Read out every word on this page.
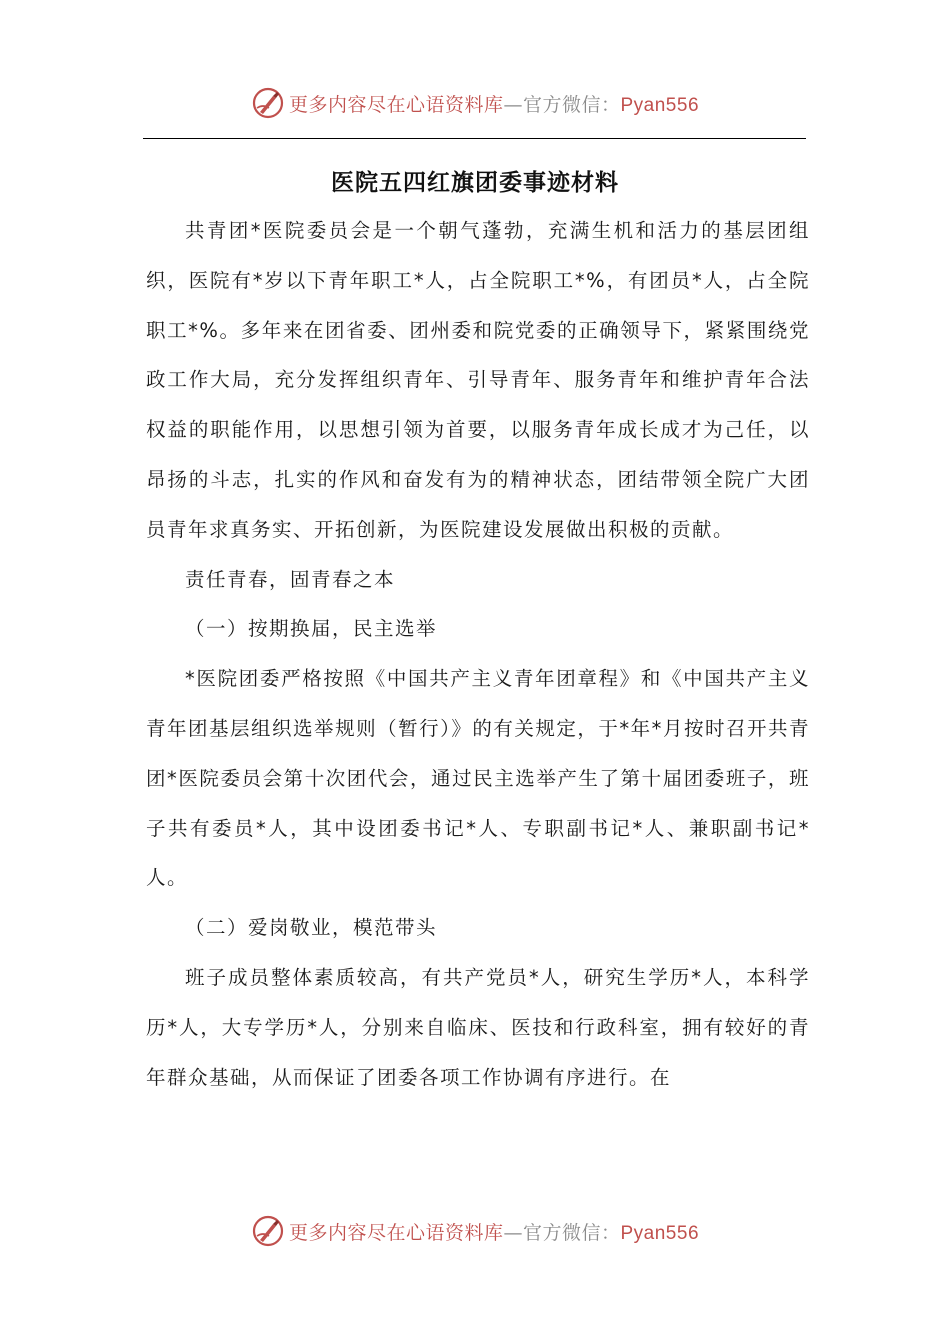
更多内容尽在心语资料库—官方微信：Pyan556
医院五四红旗团委事迹材料

共青团*医院委员会是一个朝气蓬勃，充满生机和活力的基层团组织，医院有*岁以下青年职工*人，占全院职工*%，有团员*人，占全院职工*%。多年来在团省委、团州委和院党委的正确领导下，紧紧围绕党政工作大局，充分发挥组织青年、引导青年、服务青年和维护青年合法权益的职能作用，以思想引领为首要，以服务青年成长成才为己任，以昂扬的斗志，扎实的作风和奋发有为的精神状态，团结带领全院广大团员青年求真务实、开拓创新，为医院建设发展做出积极的贡献。

责任青春，固青春之本

（一）按期换届，民主选举

*医院团委严格按照《中国共产主义青年团章程》和《中国共产主义青年团基层组织选举规则（暂行）》的有关规定，于*年*月按时召开共青团*医院委员会第十次团代会，通过民主选举产生了第十届团委班子，班子共有委员*人，其中设团委书记*人、专职副书记*人、兼职副书记*人。

（二）爱岗敬业，模范带头

班子成员整体素质较高，有共产党员*人，研究生学历*人，本科学历*人，大专学历*人，分别来自临床、医技和行政科室，拥有较好的青年群众基础，从而保证了团委各项工作协调有序进行。在

更多内容尽在心语资料库—官方微信：Pyan556
